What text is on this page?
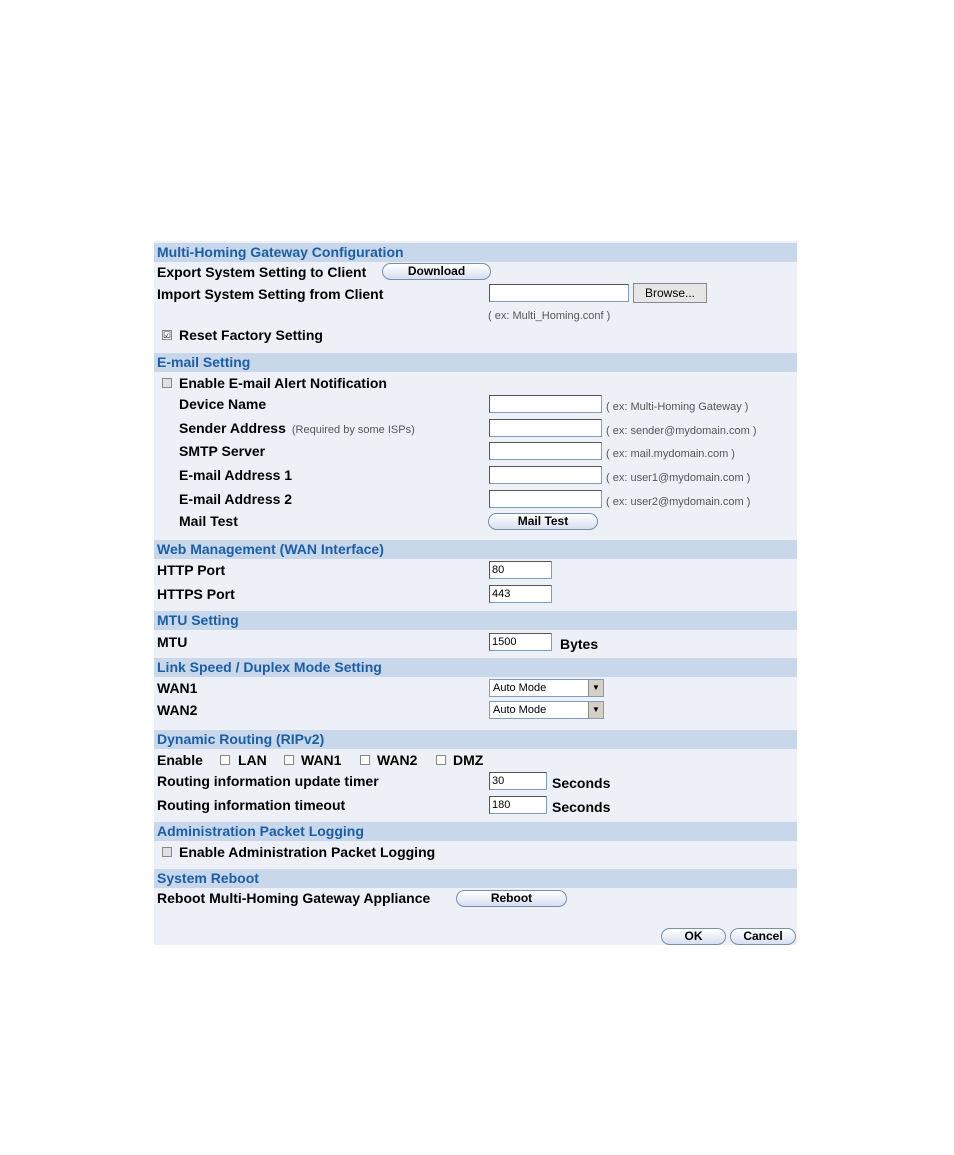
Multi-Homing Gateway Configuration
Export System Setting to Client	Download
Import System Setting from Client	Browse...
( ex: Multi_Homing.conf )
☑ Reset Factory Setting
E-mail Setting
Enable E-mail Alert Notification
Device Name	( ex: Multi-Homing Gateway )
Sender Address (Required by some ISPs)	( ex: sender@mydomain.com )
SMTP Server	( ex: mail.mydomain.com )
E-mail Address 1	( ex: user1@mydomain.com )
E-mail Address 2	( ex: user2@mydomain.com )
Mail Test	Mail Test
Web Management (WAN Interface)
HTTP Port	80
HTTPS Port	443
MTU Setting
MTU	1500	Bytes
Link Speed / Duplex Mode Setting
WAN1	Auto Mode	▼
WAN2	Auto Mode	▼
Dynamic Routing (RIPv2)
Enable	LAN WAN1	WAN2	DMZ
Routing information update timer	30	Seconds
Routing information timeout	180	Seconds
Administration Packet Logging
Enable Administration Packet Logging
System Reboot
Reboot Multi-Homing Gateway Appliance	Reboot
OK	Cancel
